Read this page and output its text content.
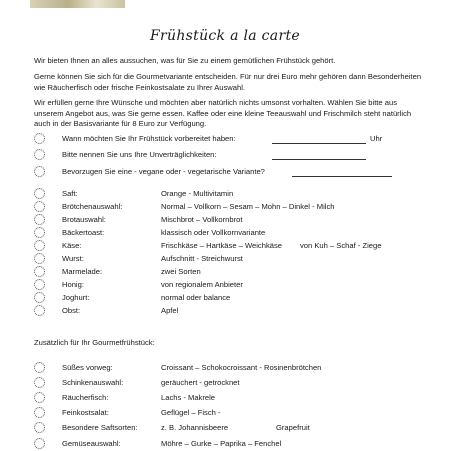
Frühstück a la carte
Wir bieten Ihnen an alles aussuchen, was für Sie zu einem gemütlichen Frühstück gehört.
Gerne können Sie sich für die Gourmetvariante entscheiden. Für nur drei Euro mehr gehören dann Besonderheiten wie Räucherfisch oder frische Feinkostsalate zu Ihrer Auswahl.
Wir erfüllen gerne Ihre Wünsche und möchten aber natürlich nichts umsonst vorhalten. Wählen Sie bitte aus unserem Angebot aus, was Sie gerne essen. Kaffee oder eine kleine Teeauswahl und Frischmilch steht natürlich auch in der Basisvariante für 8 Euro zur Verfügung.
Wann möchten Sie Ihr Frühstück vorbereitet haben:	Uhr
Bitte nennen Sie uns Ihre Unverträglichkeiten:
Bevorzugen Sie eine - vegane oder - vegetarische Variante?
Saft:	Orange - Multivitamin
Brötchenauswahl:	Normal – Vollkorn – Sesam – Mohn – Dinkel - Milch
Brotauswahl:	Mischbrot – Vollkornbrot
Bäckertoast:	klassisch oder Vollkornvariante
Käse:	Frischkäse – Hartkäse – Weichkäse von Kuh – Schaf - Ziege
Wurst:	Aufschnitt - Streichwurst
Marmelade:	zwei Sorten
Honig:	von regionalem Anbieter
Joghurt:	normal oder balance
Obst:	Apfel
Zusätzlich für Ihr Gourmetfrühstück:
Süßes vorweg:	Croissant – Schokocroissant - Rosinenbrötchen
Schinkenauswahl:	geräuchert - getrocknet
Räucherfisch:	Lachs - Makrele
Feinkostsalat:	Geflügel – Fisch -
Besondere Saftsorten:	z. B. Johannisbeere	Grapefruit
Gemüseauswahl:	Möhre – Gurke – Paprika – Fenchel
